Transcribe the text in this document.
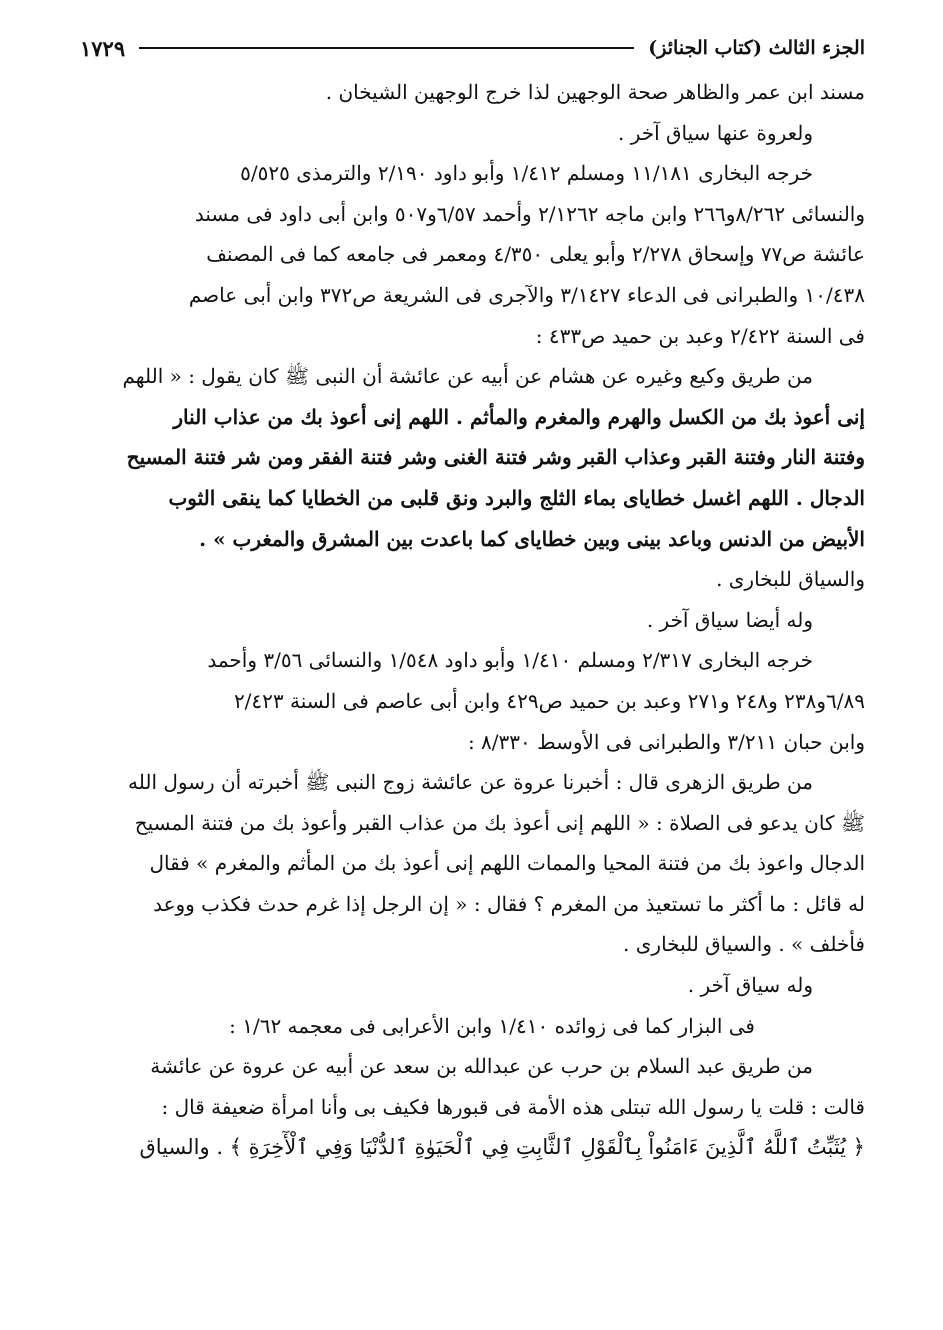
الجزء الثالث (كتاب الجنائز)
١٧٢٩
مسند ابن عمر والظاهر صحة الوجهين لذا خرج الوجهين الشيخان .
ولعروة عنها سياق آخر .
خرجه البخارى ١١/١٨١ ومسلم ١/٤١٢ وأبو داود ٢/١٩٠ والترمذى ٥/٥٢٥
والنسائى ٨/٢٦٢و٢٦٦ وابن ماجه ٢/١٢٦٢ وأحمد ٦/٥٧و٥٠٧ وابن أبى داود فى مسند
عائشة ص٧٧ وإسحاق ٢/٢٧٨ وأبو يعلى ٤/٣٥٠ ومعمر فى جامعه كما فى المصنف
١٠/٤٣٨ والطبرانى فى الدعاء ٣/١٤٢٧ والآجرى فى الشريعة ص٣٧٢ وابن أبى عاصم
فى السنة ٢/٤٢٢ وعبد بن حميد ص٤٣٣ :
من طريق وكيع وغيره عن هشام عن أبيه عن عائشة أن النبى ﷺ كان يقول : « اللهم
إنى أعوذ بك من الكسل والهرم والمغرم والمأثم . اللهم إنى أعوذ بك من عذاب النار
وفتنة النار وفتنة القبر وعذاب القبر وشر فتنة الغنى وشر فتنة الفقر ومن شر فتنة المسيح
الدجال . اللهم اغسل خطاياى بماء الثلج والبرد ونق قلبى من الخطايا كما ينقى الثوب
الأبيض من الدنس وباعد بينى وبين خطاياى كما باعدت بين المشرق والمغرب » .
والسياق للبخارى .
وله أيضا سياق آخر .
خرجه البخارى ٢/٣١٧ ومسلم ١/٤١٠ وأبو داود ١/٥٤٨ والنسائى ٣/٥٦ وأحمد
٦/٨٩و٢٣٨ و٢٤٨ و٢٧١ وعبد بن حميد ص٤٢٩ وابن أبى عاصم فى السنة ٢/٤٢٣
وابن حبان ٣/٢١١ والطبرانى فى الأوسط ٨/٣٣٠ :
من طريق الزهرى قال : أخبرنا عروة عن عائشة زوج النبى ﷺ أخبرته أن رسول الله
ﷺ كان يدعو فى الصلاة : « اللهم إنى أعوذ بك من عذاب القبر وأعوذ بك من فتنة المسيح
الدجال واعوذ بك من فتنة المحيا والممات اللهم إنى أعوذ بك من المأثم والمغرم » فقال
له قائل : ما أكثر ما تستعيذ من المغرم ؟ فقال : « إن الرجل إذا غرم حدث فكذب ووعد
فأخلف » . والسياق للبخارى .
وله سياق آخر .
فى البزار كما فى زوائده ١/٤١٠ وابن الأعرابى فى معجمه ١/٦٢ :
من طريق عبد السلام بن حرب عن عبدالله بن سعد عن أبيه عن عروة عن عائشة
قالت : قلت يا رسول الله تبتلى هذه الأمة فى قبورها فكيف بى وأنا امرأة ضعيفة قال :
﴿ يُثَبِّتُ ٱللَّهُ ٱلَّذِينَ ءَامَنُواْ بِٱلْقَوْلِ ٱلثَّابِتِ فِي ٱلْحَيَوٰةِ ٱلدُّنْيَا وَفِي ٱلْأٓخِرَةِ ﴾ . والسياق
